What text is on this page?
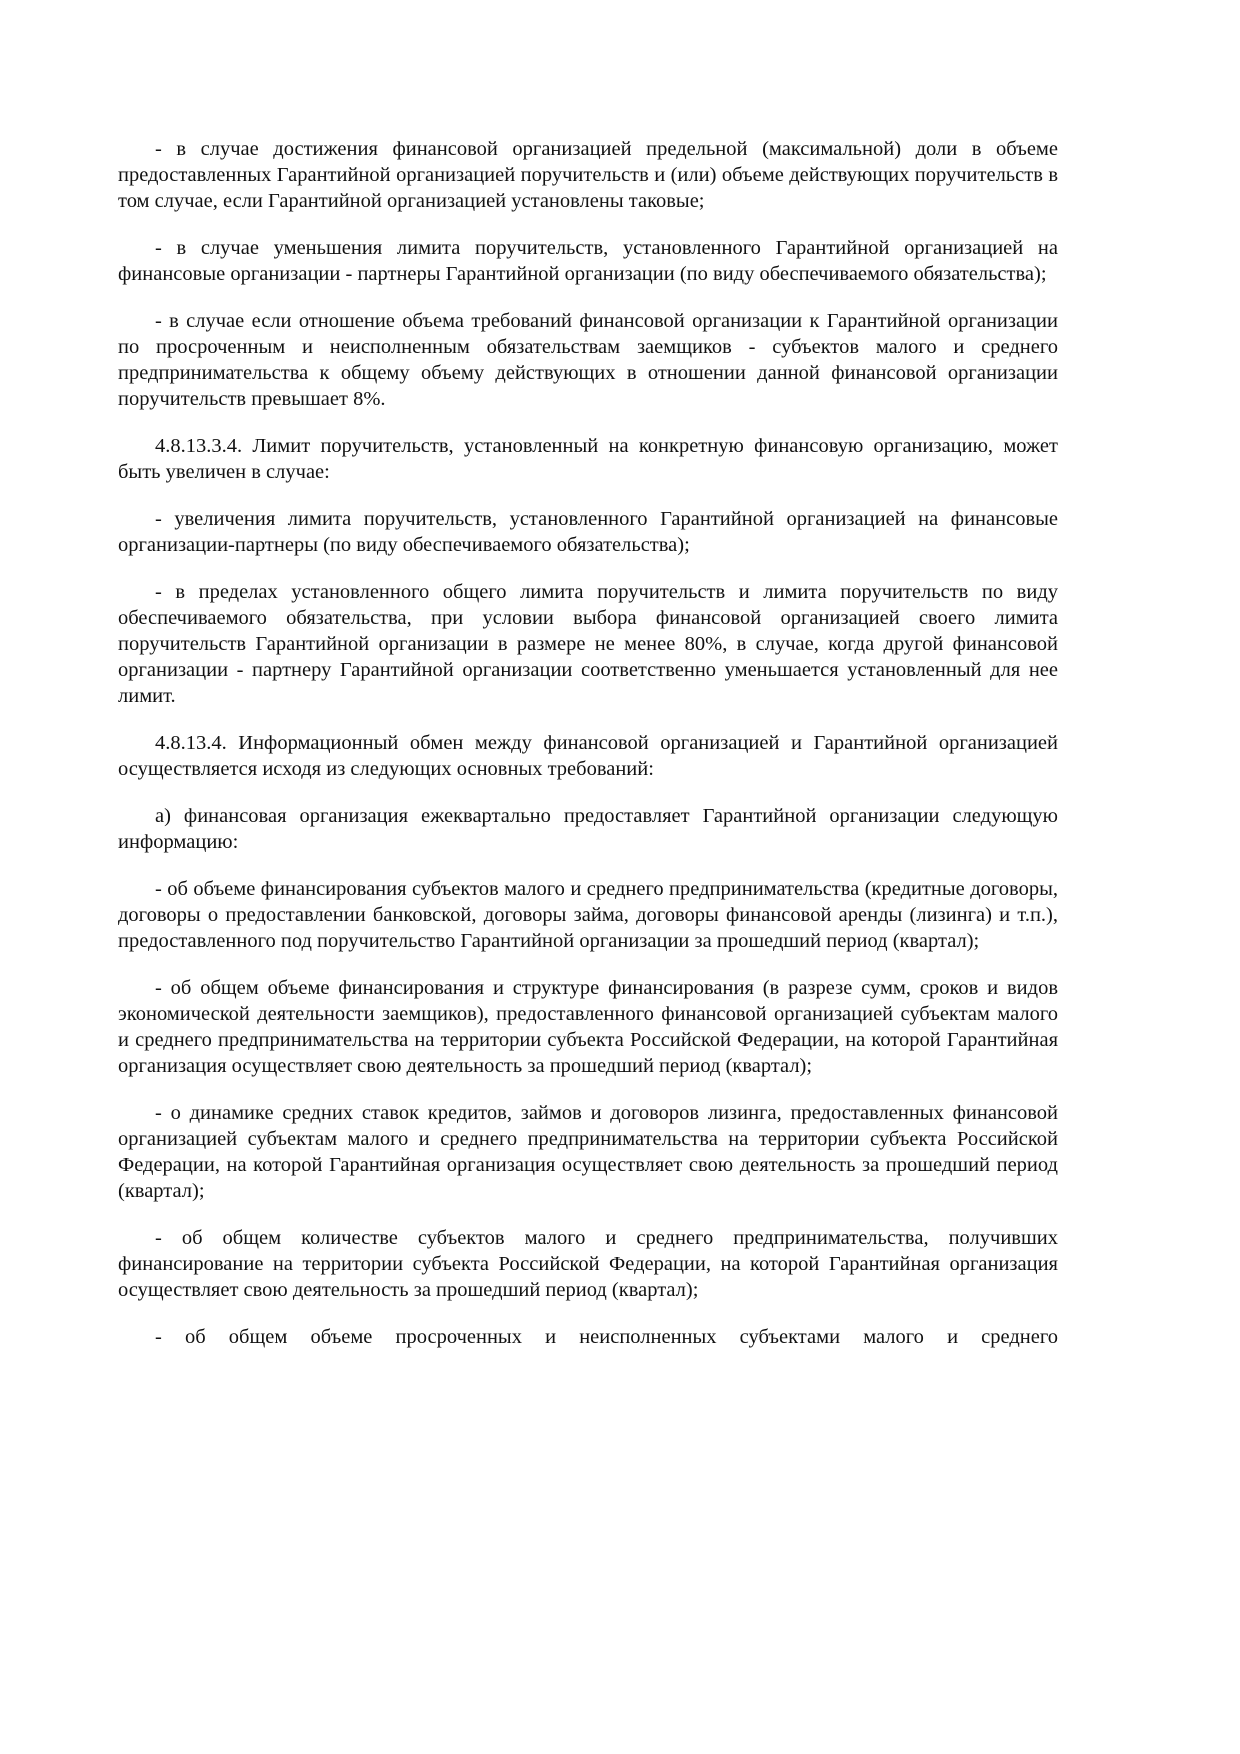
- в случае достижения финансовой организацией предельной (максимальной) доли в объеме предоставленных Гарантийной организацией поручительств и (или) объеме действующих поручительств в том случае, если Гарантийной организацией установлены таковые;

- в случае уменьшения лимита поручительств, установленного Гарантийной организацией на финансовые организации - партнеры Гарантийной организации (по виду обеспечиваемого обязательства);

- в случае если отношение объема требований финансовой организации к Гарантийной организации по просроченным и неисполненным обязательствам заемщиков - субъектов малого и среднего предпринимательства к общему объему действующих в отношении данной финансовой организации поручительств превышает 8%.

4.8.13.3.4. Лимит поручительств, установленный на конкретную финансовую организацию, может быть увеличен в случае:

- увеличения лимита поручительств, установленного Гарантийной организацией на финансовые организации-партнеры (по виду обеспечиваемого обязательства);

- в пределах установленного общего лимита поручительств и лимита поручительств по виду обеспечиваемого обязательства, при условии выбора финансовой организацией своего лимита поручительств Гарантийной организации в размере не менее 80%, в случае, когда другой финансовой организации - партнеру Гарантийной организации соответственно уменьшается установленный для нее лимит.

4.8.13.4. Информационный обмен между финансовой организацией и Гарантийной организацией осуществляется исходя из следующих основных требований:

а) финансовая организация ежеквартально предоставляет Гарантийной организации следующую информацию:

- об объеме финансирования субъектов малого и среднего предпринимательства (кредитные договоры, договоры о предоставлении банковской, договоры займа, договоры финансовой аренды (лизинга) и т.п.), предоставленного под поручительство Гарантийной организации за прошедший период (квартал);

- об общем объеме финансирования и структуре финансирования (в разрезе сумм, сроков и видов экономической деятельности заемщиков), предоставленного финансовой организацией субъектам малого и среднего предпринимательства на территории субъекта Российской Федерации, на которой Гарантийная организация осуществляет свою деятельность за прошедший период (квартал);

- о динамике средних ставок кредитов, займов и договоров лизинга, предоставленных финансовой организацией субъектам малого и среднего предпринимательства на территории субъекта Российской Федерации, на которой Гарантийная организация осуществляет свою деятельность за прошедший период (квартал);

- об общем количестве субъектов малого и среднего предпринимательства, получивших финансирование на территории субъекта Российской Федерации, на которой Гарантийная организация осуществляет свою деятельность за прошедший период (квартал);

- об общем объеме просроченных и неисполненных субъектами малого и среднего
